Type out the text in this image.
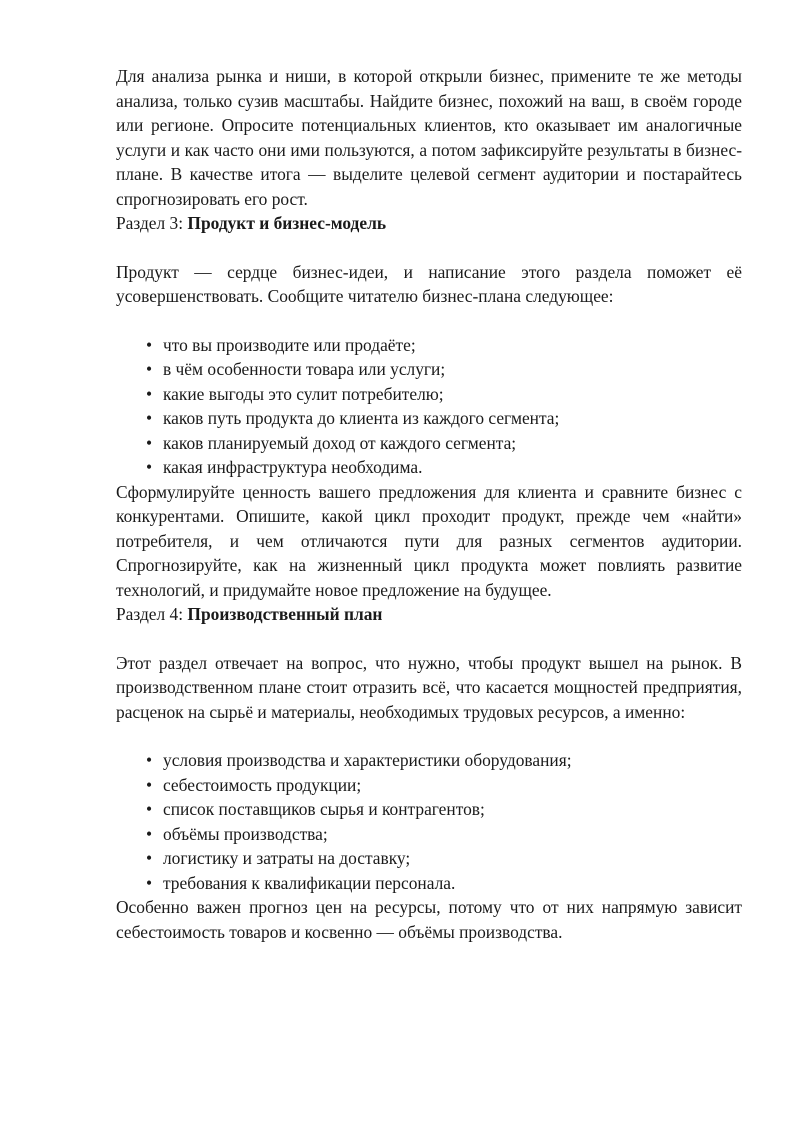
Для анализа рынка и ниши, в которой открыли бизнес, примените те же методы анализа, только сузив масштабы. Найдите бизнес, похожий на ваш, в своём городе или регионе. Опросите потенциальных клиентов, кто оказывает им аналогичные услуги и как часто они ими пользуются, а потом зафиксируйте результаты в бизнес-плане. В качестве итога — выделите целевой сегмент аудитории и постарайтесь спрогнозировать его рост.

Раздел 3: Продукт и бизнес-модель

Продукт — сердце бизнес-идеи, и написание этого раздела поможет её усовершенствовать. Сообщите читателю бизнес-плана следующее:

• что вы производите или продаёте;
• в чём особенности товара или услуги;
• какие выгоды это сулит потребителю;
• каков путь продукта до клиента из каждого сегмента;
• каков планируемый доход от каждого сегмента;
• какая инфраструктура необходима.

Сформулируйте ценность вашего предложения для клиента и сравните бизнес с конкурентами. Опишите, какой цикл проходит продукт, прежде чем «найти» потребителя, и чем отличаются пути для разных сегментов аудитории. Спрогнозируйте, как на жизненный цикл продукта может повлиять развитие технологий, и придумайте новое предложение на будущее.

Раздел 4: Производственный план

Этот раздел отвечает на вопрос, что нужно, чтобы продукт вышел на рынок. В производственном плане стоит отразить всё, что касается мощностей предприятия, расценок на сырьё и материалы, необходимых трудовых ресурсов, а именно:

• условия производства и характеристики оборудования;
• себестоимость продукции;
• список поставщиков сырья и контрагентов;
• объёмы производства;
• логистику и затраты на доставку;
• требования к квалификации персонала.

Особенно важен прогноз цен на ресурсы, потому что от них напрямую зависит себестоимость товаров и косвенно — объёмы производства.
